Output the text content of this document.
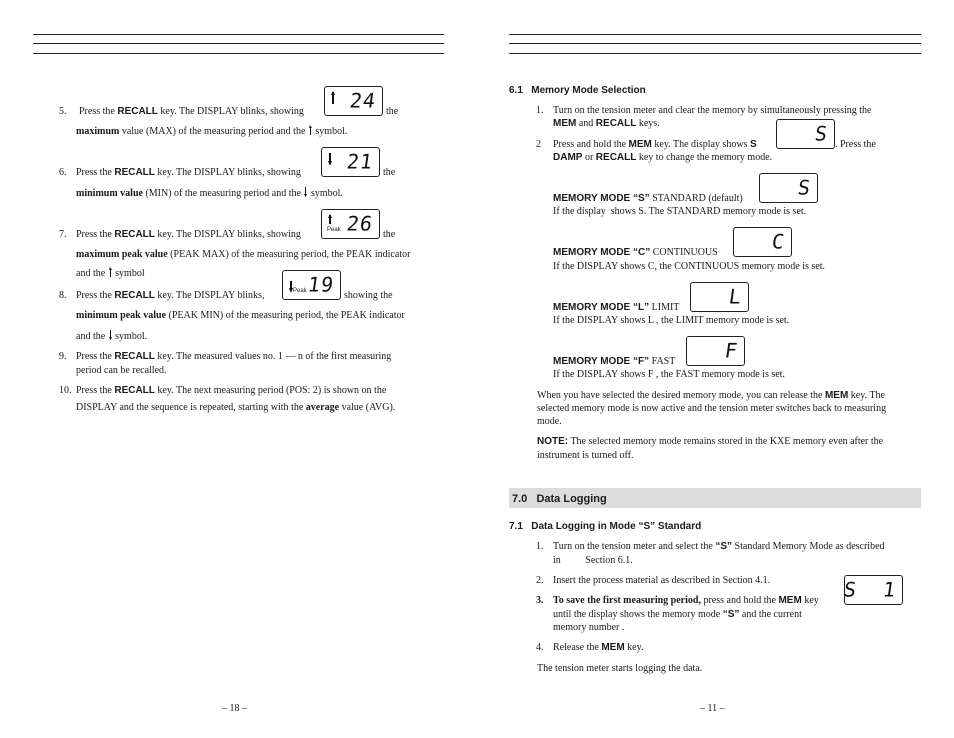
5. Press the RECALL key. The DISPLAY blinks, showing 24 the
maximum value (MAX) of the measuring period and the symbol.
6. Press the RECALL key. The DISPLAY blinks, showing 21 the
minimum value (MIN) of the measuring period and the symbol.
7. Press the RECALL key. The DISPLAY blinks, showing	Peak 26 the
maximum peak value (PEAK MAX) of the measuring period, the PEAK indicator
and the symbol
8. Press the RECALL key. The DISPLAY blinks,	Peak 19 showing the
minimum peak value (PEAK MIN) of the measuring period, the PEAK indicator
and the symbol.
9. Press the RECALL key. The measured values no. 1 — n of the first measuring
period can be recalled.
10. Press the RECALL key. The next measuring period (POS: 2) is shown on the
DISPLAY and the sequence is repeated, starting with the average value (AVG).
– 18 –
6.1   Memory Mode Selection
1. Turn on the tension meter and clear the memory by simultaneously pressing the
MEM and RECALL keys.
2 Press and hold the MEM key. The display shows S	S . Press the
DAMP or RECALL key to change the memory mode.
MEMORY MODE “S” STANDARD (default)	S
If the display  shows S. The STANDARD memory mode is set.
MEMORY MODE “C” CONTINUOUS	C
If the DISPLAY shows C, the CONTINUOUS memory mode is set.
MEMORY MODE “L” LIMIT L
If the DISPLAY shows L , the LIMIT memory mode is set.
MEMORY MODE “F” FAST F
If the DISPLAY shows F , the FAST memory mode is set.
When you have selected the desired memory mode, you can release the MEM key. The
selected memory mode is now active and the tension meter switches back to measuring
mode.
NOTE: The selected memory mode remains stored in the KXE memory even after the
instrument is turned off.
7.0   Data Logging
7.1   Data Logging in Mode “S” Standard
1. Turn on the tension meter and select the “S” Standard Memory Mode as described
in Section 6.1.
2. Insert the process material as described in Section 4.1.	S  1
3. To save the first measuring period, press and hold the MEM key
until the display shows the memory mode “S” and the current
memory number .
4. Release the MEM key.
The tension meter starts logging the data.
– 11 –
